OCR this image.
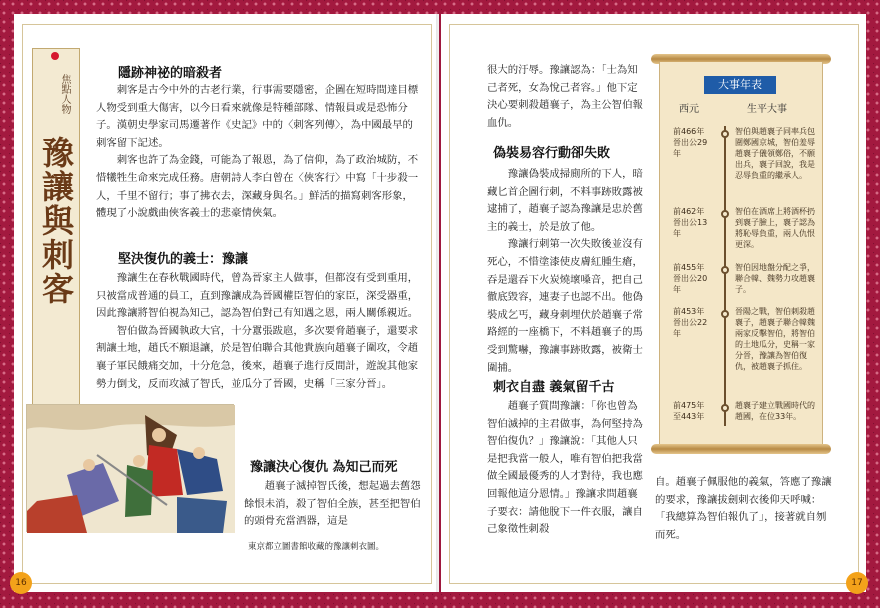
焦點人物
豫讓與刺客
隱跡神祕的暗殺者

刺客是古今中外的古老行業，行事需要隱密，企圖在短時間達目標人物受到重大傷害，以今日看來就像是特種部隊、情報員或是恐怖分子。漢朝史學家司馬遷著作《史記》中的〈刺客列傳〉，為中國最早的刺客留下記述。

刺客也許了為金錢，可能為了報恩，為了信仰，為了政治城防，不惜犧牲生命來完成任務。唐朝詩人李白曾在〈俠客行〉中寫「十步殺一人，千里不留行；事了拂衣去，深藏身與名。」鮮活的描寫刺客形象，體現了小說戲曲俠客義士的悲豪情俠氣。

堅決復仇的義士：豫讓

豫讓生在春秋戰國時代，曾為晉家主人做事，但都沒有受到重用，只被當成普通的員工，直到豫讓成為晉國權臣智伯的家臣，深受器重，因此豫讓將智伯視為知己，認為智伯對己有知遇之恩，兩人關係親近。

智伯做為晉國執政大官，十分囂張跋扈，多次要脅趙襄子，還要求割讓土地，趙氏不願退讓，於是智伯聯合其他貴族向趙襄子圍攻，令趙襄子軍民餓痛交加，十分危急，後來，趙襄子進行反間計，遊說其他家勢力倒戈，反而攻滅了智氏，並瓜分了晉國，史稱「三家分晉」。

豫讓決心復仇 為知己而死

趙襄子滅掉智氏後，想起過去舊怨餘恨未消，殺了智伯全族，甚至把智伯的頭骨充當酒器，這是

東京都立圖書館收藏的豫讓刺衣圖。

很大的汙辱。豫讓認為：「士為知己者死，女為悅己者容。」他下定決心要刺殺趙襄子，為主公智伯報血仇。

偽裝易容行動卻失敗

豫讓偽裝成掃廁所的下人，暗藏匕首企圖行刺，不料事跡敗露被逮捕了，趙襄子認為豫讓是忠於舊主的義士，於是放了他。

豫讓行刺第一次失敗後並沒有死心，不惜塗漆使皮膚紅腫生瘡，吞是還吞下火炭燒壞嗓音，把自己徹底毀容，連妻子也認不出。他偽裝成乞丐，藏身刺埋伏於趙襄子常路經的一座橋下，不料趙襄子的馬受到驚嚇，豫讓事跡敗露，被衛士圍捕。

刺衣自盡 義氣留千古

趙襄子質問豫讓：「你也曾為智伯滅掉的主君做事，為何堅持為智伯復仇？」豫讓說：「其他人只是把我當一般人，唯有智伯把我當做全國最優秀的人才對待，我也應回報他這分恩情。」豫讓求問趙襄子要衣：請他脫下一件衣服，讓自己象徵性刺殺

自。趙襄子佩服他的義氣，答應了豫讓的要求，豫讓拔劍刺衣後仰天呼喊：「我總算為智伯報仇了」，接著就自刎而死。

大事年表
西元	生平大事
前466年
晉出公29
年
智伯與趙襄子同率兵包圍鄭國京城，智伯羞辱趙襄子儀領鄭俗，不願出兵，襄子回說，我是忍辱負重的繼承人。
前462年
晉出公13
年
智伯在酒席上將酒杯扔到襄子臉上，襄子認為將恥辱負重，兩人仇恨更深。
前455年
晉出公20
年
智伯因地盤分配之爭，聯合韓、魏勢力攻趙襄子。
前453年
晉出公22
年
晉陽之戰，智伯刺殺趙襄子，趙襄子聯合韓魏兩家反擊智伯，將智伯的土地瓜分，史稱一家分晉，豫讓為智伯復仇，被趙襄子抓住。
前475年
至443年
趙襄子建立戰國時代的趙國，在位33年。
16	17
